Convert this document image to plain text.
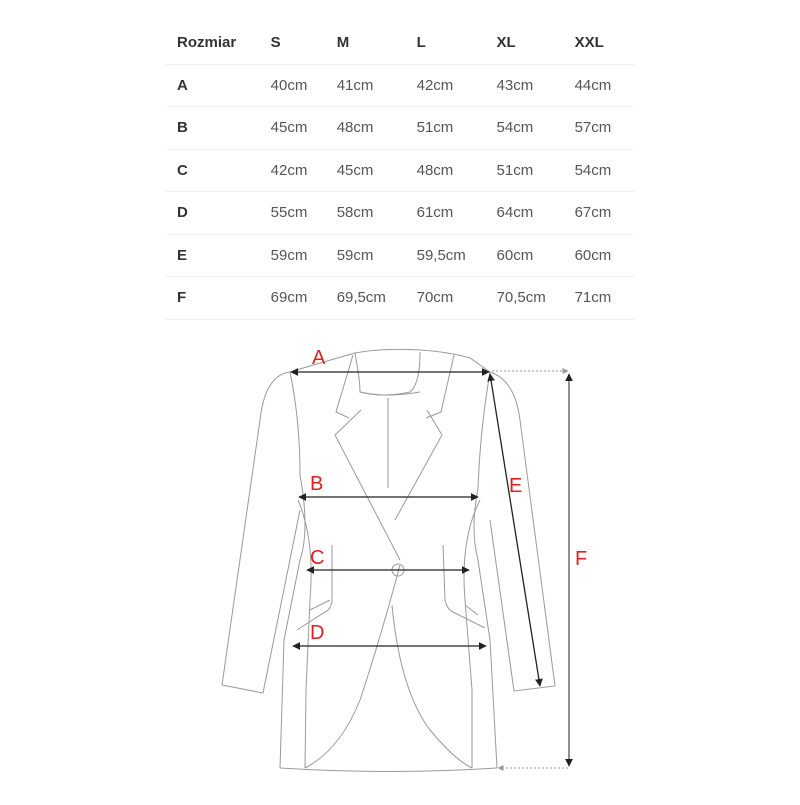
Rozmiar	S	M	L	XL	XXL
A	40cm	41cm	42cm	43cm	44cm
B	45cm	48cm	51cm	54cm	57cm
C	42cm	45cm	48cm	51cm	54cm
D	55cm	58cm	61cm	64cm	67cm
E	59cm	59cm	59,5cm	60cm	60cm
F	69cm	69,5cm	70cm	70,5cm	71cm
A
B
C
D
E
F
